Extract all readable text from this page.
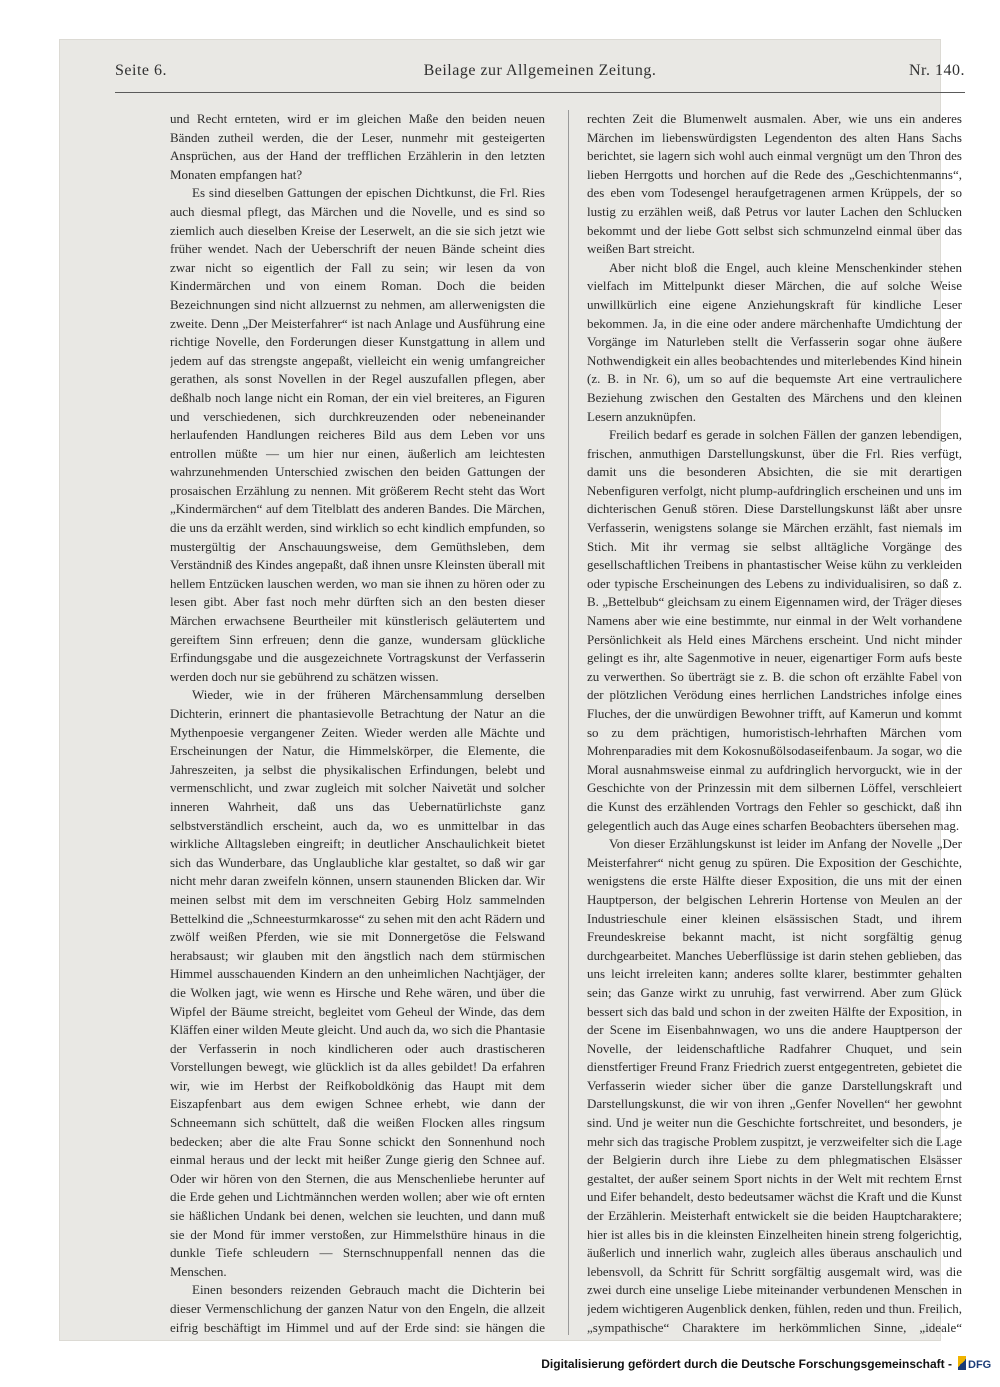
Seite 6.	Beilage zur Allgemeinen Zeitung.	Nr. 140.

und Recht ernteten, wird er im gleichen Maße den beiden neuen Bänden zutheil werden, die der Leser, nunmehr mit gesteigerten Ansprüchen, aus der Hand der trefflichen Erzählerin in den letzten Monaten empfangen hat?

Es sind dieselben Gattungen der epischen Dichtkunst, die Frl. Ries auch diesmal pflegt, das Märchen und die Novelle, und es sind so ziemlich auch dieselben Kreise der Leserwelt, an die sie sich jetzt wie früher wendet. Nach der Ueberschrift der neuen Bände scheint dies zwar nicht so eigentlich der Fall zu sein; wir lesen da von Kindermärchen und von einem Roman. Doch die beiden Bezeichnungen sind nicht allzuernst zu nehmen, am allerwenigsten die zweite. Denn „Der Meisterfahrer“ ist nach Anlage und Ausführung eine richtige Novelle, den Forderungen dieser Kunstgattung in allem und jedem auf das strengste angepaßt, vielleicht ein wenig umfangreicher gerathen, als sonst Novellen in der Regel auszufallen pflegen, aber deßhalb noch lange nicht ein Roman, der ein viel breiteres, an Figuren und verschiedenen, sich durchkreuzenden oder nebeneinander herlaufenden Handlungen reicheres Bild aus dem Leben vor uns entrollen müßte — um hier nur einen, äußerlich am leichtesten wahrzunehmenden Unterschied zwischen den beiden Gattungen der prosaischen Erzählung zu nennen. Mit größerem Recht steht das Wort „Kindermärchen“ auf dem Titelblatt des anderen Bandes. Die Märchen, die uns da erzählt werden, sind wirklich so echt kindlich empfunden, so mustergültig der Anschauungsweise, dem Gemüthsleben, dem Verständniß des Kindes angepaßt, daß ihnen unsre Kleinsten überall mit hellem Entzücken lauschen werden, wo man sie ihnen zu hören oder zu lesen gibt. Aber fast noch mehr dürften sich an den besten dieser Märchen erwachsene Beurtheiler mit künstlerisch geläutertem und gereiftem Sinn erfreuen; denn die ganze, wundersam glückliche Erfindungsgabe und die ausgezeichnete Vortragskunst der Verfasserin werden doch nur sie gebührend zu schätzen wissen.

Wieder, wie in der früheren Märchensammlung derselben Dichterin, erinnert die phantasievolle Betrachtung der Natur an die Mythenpoesie vergangener Zeiten. Wieder werden alle Mächte und Erscheinungen der Natur, die Himmelskörper, die Elemente, die Jahreszeiten, ja selbst die physikalischen Erfindungen, belebt und vermenschlicht, und zwar zugleich mit solcher Naivetät und solcher inneren Wahrheit, daß uns das Uebernatürlichste ganz selbstverständlich erscheint, auch da, wo es unmittelbar in das wirkliche Alltagsleben eingreift; in deutlicher Anschaulichkeit bietet sich das Wunderbare, das Unglaubliche klar gestaltet, so daß wir gar nicht mehr daran zweifeln können, unsern staunenden Blicken dar. Wir meinen selbst mit dem im verschneiten Gebirg Holz sammelnden Bettelkind die „Schneesturmkarosse“ zu sehen mit den acht Rädern und zwölf weißen Pferden, wie sie mit Donnergetöse die Felswand herabsaust; wir glauben mit den ängstlich nach dem stürmischen Himmel ausschauenden Kindern an den unheimlichen Nachtjäger, der die Wolken jagt, wie wenn es Hirsche und Rehe wären, und über die Wipfel der Bäume streicht, begleitet vom Geheul der Winde, das dem Kläffen einer wilden Meute gleicht. Und auch da, wo sich die Phantasie der Verfasserin in noch kindlicheren oder auch drastischeren Vorstellungen bewegt, wie glücklich ist da alles gebildet! Da erfahren wir, wie im Herbst der Reifkoboldkönig das Haupt mit dem Eiszapfenbart aus dem ewigen Schnee erhebt, wie dann der Schneemann sich schüttelt, daß die weißen Flocken alles ringsum bedecken; aber die alte Frau Sonne schickt den Sonnenhund noch einmal heraus und der leckt mit heißer Zunge gierig den Schnee auf. Oder wir hören von den Sternen, die aus Menschenliebe herunter auf die Erde gehen und Lichtmännchen werden wollen; aber wie oft ernten sie häßlichen Undank bei denen, welchen sie leuchten, und dann muß sie der Mond für immer verstoßen, zur Himmelsthüre hinaus in die dunkle Tiefe schleudern — Sternschnuppenfall nennen das die Menschen.

Einen besonders reizenden Gebrauch macht die Dichterin bei dieser Vermenschlichung der ganzen Natur von den Engeln, die allzeit eifrig beschäftigt im Himmel und auf der Erde sind: sie hängen die

rechten Zeit die Blumenwelt ausmalen. Aber, wie uns ein anderes Märchen im liebenswürdigsten Legendenton des alten Hans Sachs berichtet, sie lagern sich wohl auch einmal vergnügt um den Thron des lieben Herrgotts und horchen auf die Rede des „Geschichtenmanns“, des eben vom Todesengel heraufgetragenen armen Krüppels, der so lustig zu erzählen weiß, daß Petrus vor lauter Lachen den Schlucken bekommt und der liebe Gott selbst sich schmunzelnd einmal über das weißen Bart streicht.

Aber nicht bloß die Engel, auch kleine Menschenkinder stehen vielfach im Mittelpunkt dieser Märchen, die auf solche Weise unwillkürlich eine eigene Anziehungskraft für kindliche Leser bekommen. Ja, in die eine oder andere märchenhafte Umdichtung der Vorgänge im Naturleben stellt die Verfasserin sogar ohne äußere Nothwendigkeit ein alles beobachtendes und miterlebendes Kind hinein (z. B. in Nr. 6), um so auf die bequemste Art eine vertraulichere Beziehung zwischen den Gestalten des Märchens und den kleinen Lesern anzuknüpfen.

Freilich bedarf es gerade in solchen Fällen der ganzen lebendigen, frischen, anmuthigen Darstellungskunst, über die Frl. Ries verfügt, damit uns die besonderen Absichten, die sie mit derartigen Nebenfiguren verfolgt, nicht plump-aufdringlich erscheinen und uns im dichterischen Genuß stören. Diese Darstellungskunst läßt aber unsre Verfasserin, wenigstens solange sie Märchen erzählt, fast niemals im Stich. Mit ihr vermag sie selbst alltägliche Vorgänge des gesellschaftlichen Treibens in phantastischer Weise kühn zu verkleiden oder typische Erscheinungen des Lebens zu individualisiren, so daß z. B. „Bettelbub“ gleichsam zu einem Eigennamen wird, der Träger dieses Namens aber wie eine bestimmte, nur einmal in der Welt vorhandene Persönlichkeit als Held eines Märchens erscheint. Und nicht minder gelingt es ihr, alte Sagenmotive in neuer, eigenartiger Form aufs beste zu verwerthen. So überträgt sie z. B. die schon oft erzählte Fabel von der plötzlichen Verödung eines herrlichen Landstriches infolge eines Fluches, der die unwürdigen Bewohner trifft, auf Kamerun und kommt so zu dem prächtigen, humoristisch-lehrhaften Märchen vom Mohrenparadies mit dem Kokosnußölsodaseifenbaum. Ja sogar, wo die Moral ausnahmsweise einmal zu aufdringlich hervorguckt, wie in der Geschichte von der Prinzessin mit dem silbernen Löffel, verschleiert die Kunst des erzählenden Vortrags den Fehler so geschickt, daß ihn gelegentlich auch das Auge eines scharfen Beobachters übersehen mag.

Von dieser Erzählungskunst ist leider im Anfang der Novelle „Der Meisterfahrer“ nicht genug zu spüren. Die Exposition der Geschichte, wenigstens die erste Hälfte dieser Exposition, die uns mit der einen Hauptperson, der belgischen Lehrerin Hortense von Meulen an der Industrieschule einer kleinen elsässischen Stadt, und ihrem Freundeskreise bekannt macht, ist nicht sorgfältig genug durchgearbeitet. Manches Ueberflüssige ist darin stehen geblieben, das uns leicht irreleiten kann; anderes sollte klarer, bestimmter gehalten sein; das Ganze wirkt zu unruhig, fast verwirrend. Aber zum Glück bessert sich das bald und schon in der zweiten Hälfte der Exposition, in der Scene im Eisenbahnwagen, wo uns die andere Hauptperson der Novelle, der leidenschaftliche Radfahrer Chuquet, und sein dienstfertiger Freund Franz Friedrich zuerst entgegentreten, gebietet die Verfasserin wieder sicher über die ganze Darstellungskraft und Darstellungskunst, die wir von ihren „Genfer Novellen“ her gewohnt sind. Und je weiter nun die Geschichte fortschreitet, und besonders, je mehr sich das tragische Problem zuspitzt, je verzweifelter sich die Lage der Belgierin durch ihre Liebe zu dem phlegmatischen Elsässer gestaltet, der außer seinem Sport nichts in der Welt mit rechtem Ernst und Eifer behandelt, desto bedeutsamer wächst die Kraft und die Kunst der Erzählerin. Meisterhaft entwickelt sie die beiden Hauptcharaktere; hier ist alles bis in die kleinsten Einzelheiten hinein streng folgerichtig, äußerlich und innerlich wahr, zugleich alles überaus anschaulich und lebensvoll, da Schritt für Schritt sorgfältig ausgemalt wird, was die zwei durch eine unselige Liebe miteinander verbundenen Menschen in jedem wichtigeren Augenblick denken, fühlen, reden und thun. Freilich, „sympathische“ Charaktere im herkömmlichen Sinne, „ideale“

Digitalisierung gefördert durch die Deutsche Forschungsgemeinschaft -	DFG
